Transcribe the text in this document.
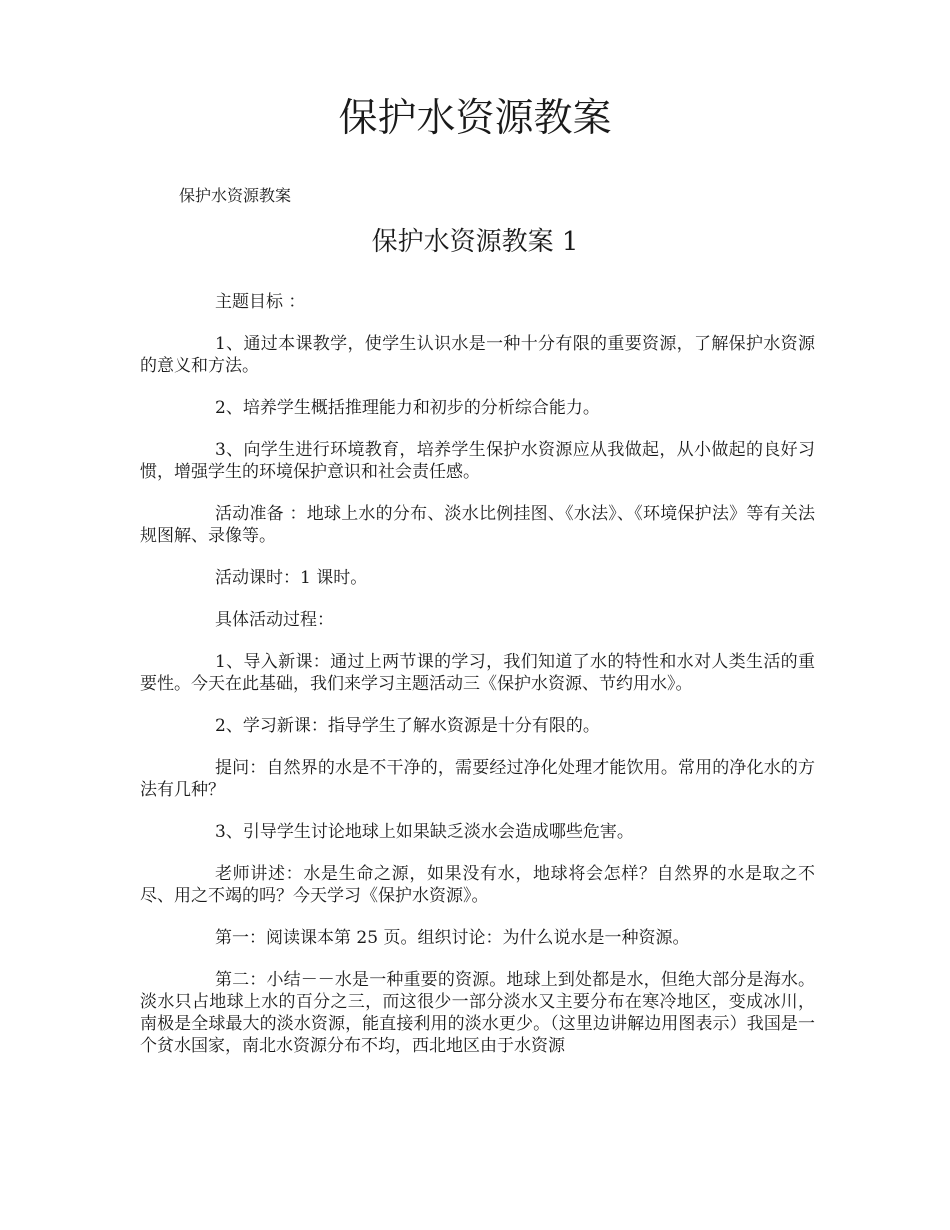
保护水资源教案
保护水资源教案
保护水资源教案 1

主题目标 ：

1、通过本课教学，使学生认识水是一种十分有限的重要资源，了解保护水资源的意义和方法。

2、培养学生概括推理能力和初步的分析综合能力。

3、向学生进行环境教育，培养学生保护水资源应从我做起，从小做起的良好习惯，增强学生的环境保护意识和社会责任感。

活动准备 ：地球上水的分布、淡水比例挂图、《水法》、《环境保护法》等有关法规图解、录像等。

活动课时：1 课时。

具体活动过程：

1、导入新课：通过上两节课的学习，我们知道了水的特性和水对人类生活的重要性。今天在此基础，我们来学习主题活动三《保护水资源、节约用水》。

2、学习新课：指导学生了解水资源是十分有限的。

提问：自然界的水是不干净的，需要经过净化处理才能饮用。常用的净化水的方法有几种？

3、引导学生讨论地球上如果缺乏淡水会造成哪些危害。

老师讲述：水是生命之源，如果没有水，地球将会怎样？自然界的水是取之不尽、用之不竭的吗？今天学习《保护水资源》。

第一：阅读课本第 25 页。组织讨论：为什么说水是一种资源。

第二：小结－－水是一种重要的资源。地球上到处都是水，但绝大部分是海水。淡水只占地球上水的百分之三，而这很少一部分淡水又主要分布在寒冷地区，变成冰川，南极是全球最大的淡水资源，能直接利用的淡水更少。（这里边讲解边用图表示）我国是一个贫水国家，南北水资源分布不均，西北地区由于水资源
